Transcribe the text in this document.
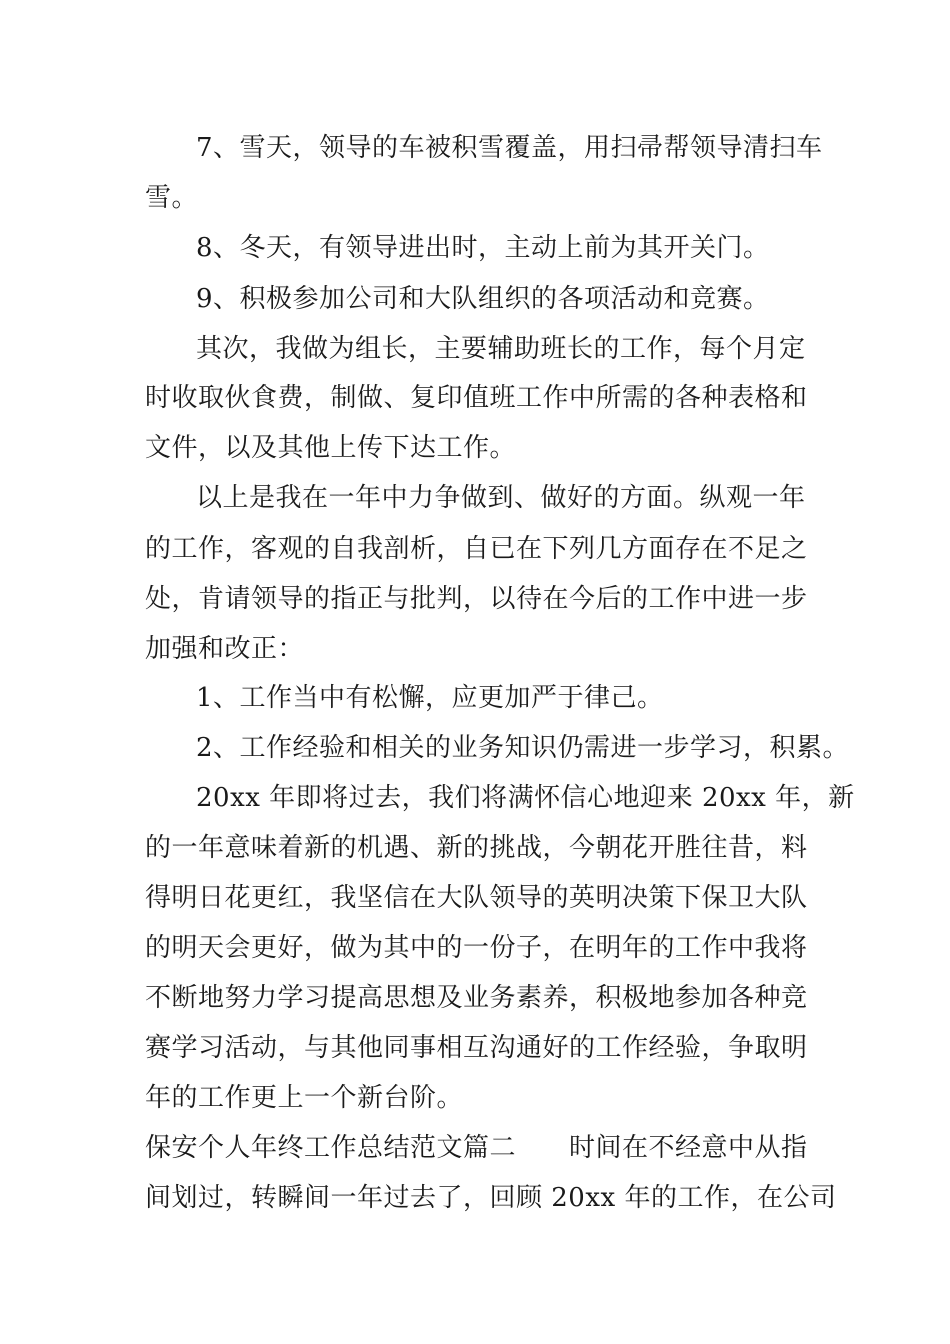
7、雪天，领导的车被积雪覆盖，用扫帚帮领导清扫车
雪。
8、冬天，有领导进出时，主动上前为其开关门。
9、积极参加公司和大队组织的各项活动和竞赛。
其次，我做为组长，主要辅助班长的工作，每个月定
时收取伙食费，制做、复印值班工作中所需的各种表格和
文件，以及其他上传下达工作。
以上是我在一年中力争做到、做好的方面。纵观一年
的工作，客观的自我剖析，自已在下列几方面存在不足之
处，肯请领导的指正与批判，以待在今后的工作中进一步
加强和改正：
1、工作当中有松懈，应更加严于律己。
2、工作经验和相关的业务知识仍需进一步学习，积累。
20xx 年即将过去，我们将满怀信心地迎来 20xx 年，新
的一年意味着新的机遇、新的挑战，今朝花开胜往昔，料
得明日花更红，我坚信在大队领导的英明决策下保卫大队
的明天会更好，做为其中的一份子，在明年的工作中我将
不断地努力学习提高思想及业务素养，积极地参加各种竞
赛学习活动，与其他同事相互沟通好的工作经验，争取明
年的工作更上一个新台阶。
保安个人年终工作总结范文篇二　　时间在不经意中从指
间划过，转瞬间一年过去了，回顾 20xx 年的工作，在公司
